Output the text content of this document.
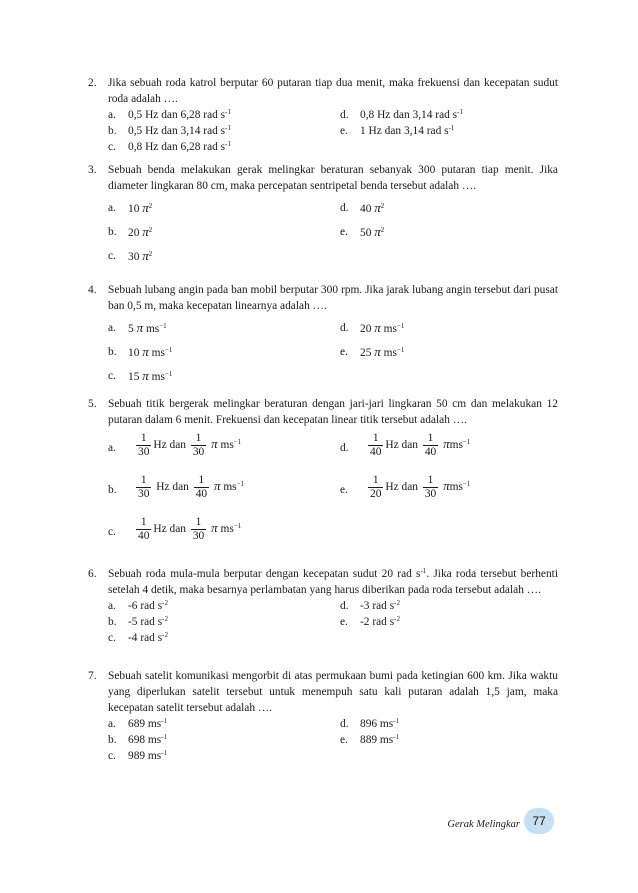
2. Jika sebuah roda katrol berputar 60 putaran tiap dua menit, maka frekuensi dan kecepatan sudut roda adalah ….
a. 0,5 Hz dan 6,28 rad $s^{-1}$
b. 0,5 Hz dan 3,14 rad $s^{-1}$
c. 0,8 Hz dan 6,28 rad $s^{-1}$
d. 0,8 Hz dan 3,14 rad $s^{-1}$
e. 1 Hz dan 3,14 rad $s^{-1}$
3. Sebuah benda melakukan gerak melingkar beraturan sebanyak 300 putaran tiap menit. Jika diameter lingkaran 80 cm, maka percepatan sentripetal benda tersebut adalah ….
a. 10 $\pi^2$
b. 20 $\pi^2$
c. 30 $\pi^2$
d. 40 $\pi^2$
e. 50 $\pi^2$
4. Sebuah lubang angin pada ban mobil berputar 300 rpm. Jika jarak lubang angin tersebut dari pusat ban 0,5 m, maka kecepatan linearnya adalah ….
a. 5 π $ms^{-1}$
b. 10 π $ms^{-1}$
c. 15 π $ms^{-1}$
d. 20 π $ms^{-1}$
e. 25 π $ms^{-1}$
5. Sebuah titik bergerak melingkar beraturan dengan jari-jari lingkaran 50 cm dan melakukan 12 putaran dalam 6 menit. Frekuensi dan kecepatan linear titik tersebut adalah ….
a. $\frac{1}{30}$ Hz dan $\frac{1}{30}$ π $ms^{-1}$
b. $\frac{1}{30}$ Hz dan $\frac{1}{40}$ π $ms^{-1}$
c. $\frac{1}{40}$ Hz dan $\frac{1}{30}$ π $ms^{-1}$
d. $\frac{1}{40}$ Hz dan $\frac{1}{40} \pi ms^{-1}$
e. $\frac{1}{20}$ Hz dan $\frac{1}{30} \pi ms^{-1}$
6. Sebuah roda mula-mula berputar dengan kecepatan sudut 20 rad $s^{-1}$. Jika roda tersebut berhenti setelah 4 detik, maka besarnya perlambatan yang harus diberikan pada roda tersebut adalah ….
a. -6 rad $s^{-2}$
b. -5 rad $s^{-2}$
c. -4 rad $s^{-2}$
d. -3 rad $s^{-2}$
e. -2 rad $s^{-2}$
7. Sebuah satelit komunikasi mengorbit di atas permukaan bumi pada ketingian 600 km. Jika waktu yang diperlukan satelit tersebut untuk menempuh satu kali putaran adalah 1,5 jam, maka kecepatan satelit tersebut adalah ….
a. 689 $ms^{-1}$
b. 698 $ms^{-1}$
c. 989 $ms^{-1}$
d. 896 $ms^{-1}$
e. 889 $ms^{-1}$
Gerak Melingkar 77
